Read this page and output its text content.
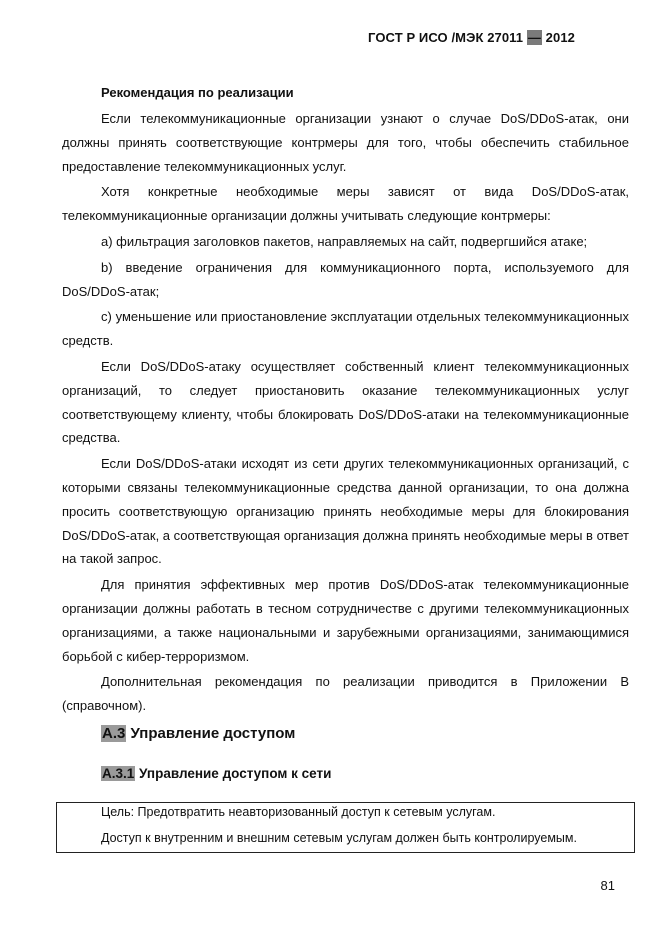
ГОСТ Р ИСО /МЭК 27011 — 2012
Рекомендация по реализации

Если телекоммуникационные организации узнают о случае DoS/DDoS-атак, они должны принять соответствующие контрмеры для того, чтобы обеспечить стабильное предоставление телекоммуникационных услуг.

Хотя конкретные необходимые меры зависят от вида DoS/DDoS-атак, телекоммуникационные организации должны учитывать следующие контрмеры:

a) фильтрация заголовков пакетов, направляемых на сайт, подвергшийся атаке;

b) введение ограничения для коммуникационного порта, используемого для DoS/DDoS-атак;

c) уменьшение или приостановление эксплуатации отдельных телекоммуникационных средств.

Если DoS/DDoS-атаку осуществляет собственный клиент телекоммуникационных организаций, то следует приостановить оказание телекоммуникационных услуг соответствующему клиенту, чтобы блокировать DoS/DDoS-атаки на телекоммуникационные средства.

Если DoS/DDoS-атаки исходят из сети других телекоммуникационных организаций, с которыми связаны телекоммуникационные средства данной организации, то она должна просить соответствующую организацию принять необходимые меры для блокирования DoS/DDoS-атак, а соответствующая организация должна принять необходимые меры в ответ на такой запрос.

Для принятия эффективных мер против DoS/DDoS-атак телекоммуникационные организации должны работать в тесном сотрудничестве с другими телекоммуникационных организациями, а также национальными и зарубежными организациями, занимающимися борьбой с кибер-терроризмом.

Дополнительная рекомендация по реализации приводится в Приложении B (справочном).

A.3 Управление доступом
A.3.1 Управление доступом к сети
Цель: Предотвратить неавторизованный доступ к сетевым услугам.
Доступ к внутренним и внешним сетевым услугам должен быть контролируемым.
81
